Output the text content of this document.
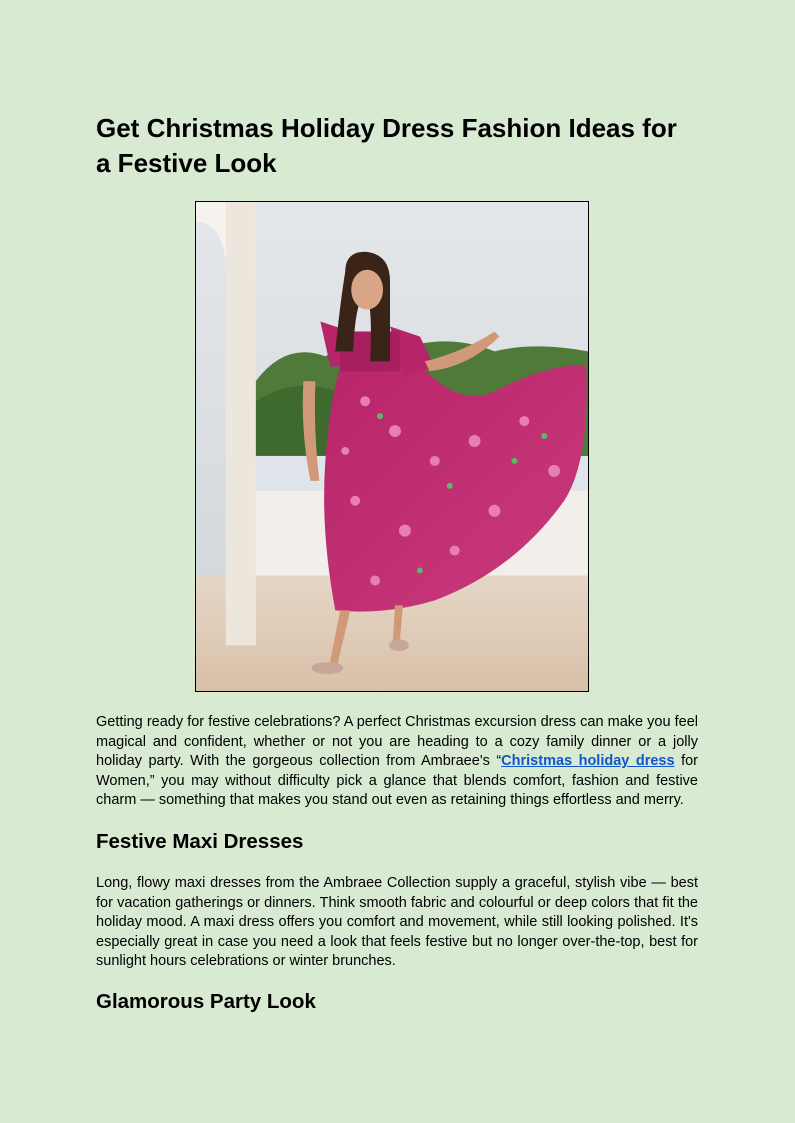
Get Christmas Holiday Dress Fashion Ideas for a Festive Look

Getting ready for festive celebrations? A perfect Christmas excursion dress can make you feel magical and confident, whether or not you are heading to a cozy family dinner or a jolly holiday party. With the gorgeous collection from Ambraee's “Christmas holiday dress for Women,” you may without difficulty pick a glance that blends comfort, fashion and festive charm — something that makes you stand out even as retaining things effortless and merry.

Festive Maxi Dresses

Long, flowy maxi dresses from the Ambraee Collection supply a graceful, stylish vibe — best for vacation gatherings or dinners. Think smooth fabric and colourful or deep colors that fit the holiday mood. A maxi dress offers you comfort and movement, while still looking polished. It's especially great in case you need a look that feels festive but no longer over-the-top, best for sunlight hours celebrations or winter brunches.

Glamorous Party Look
